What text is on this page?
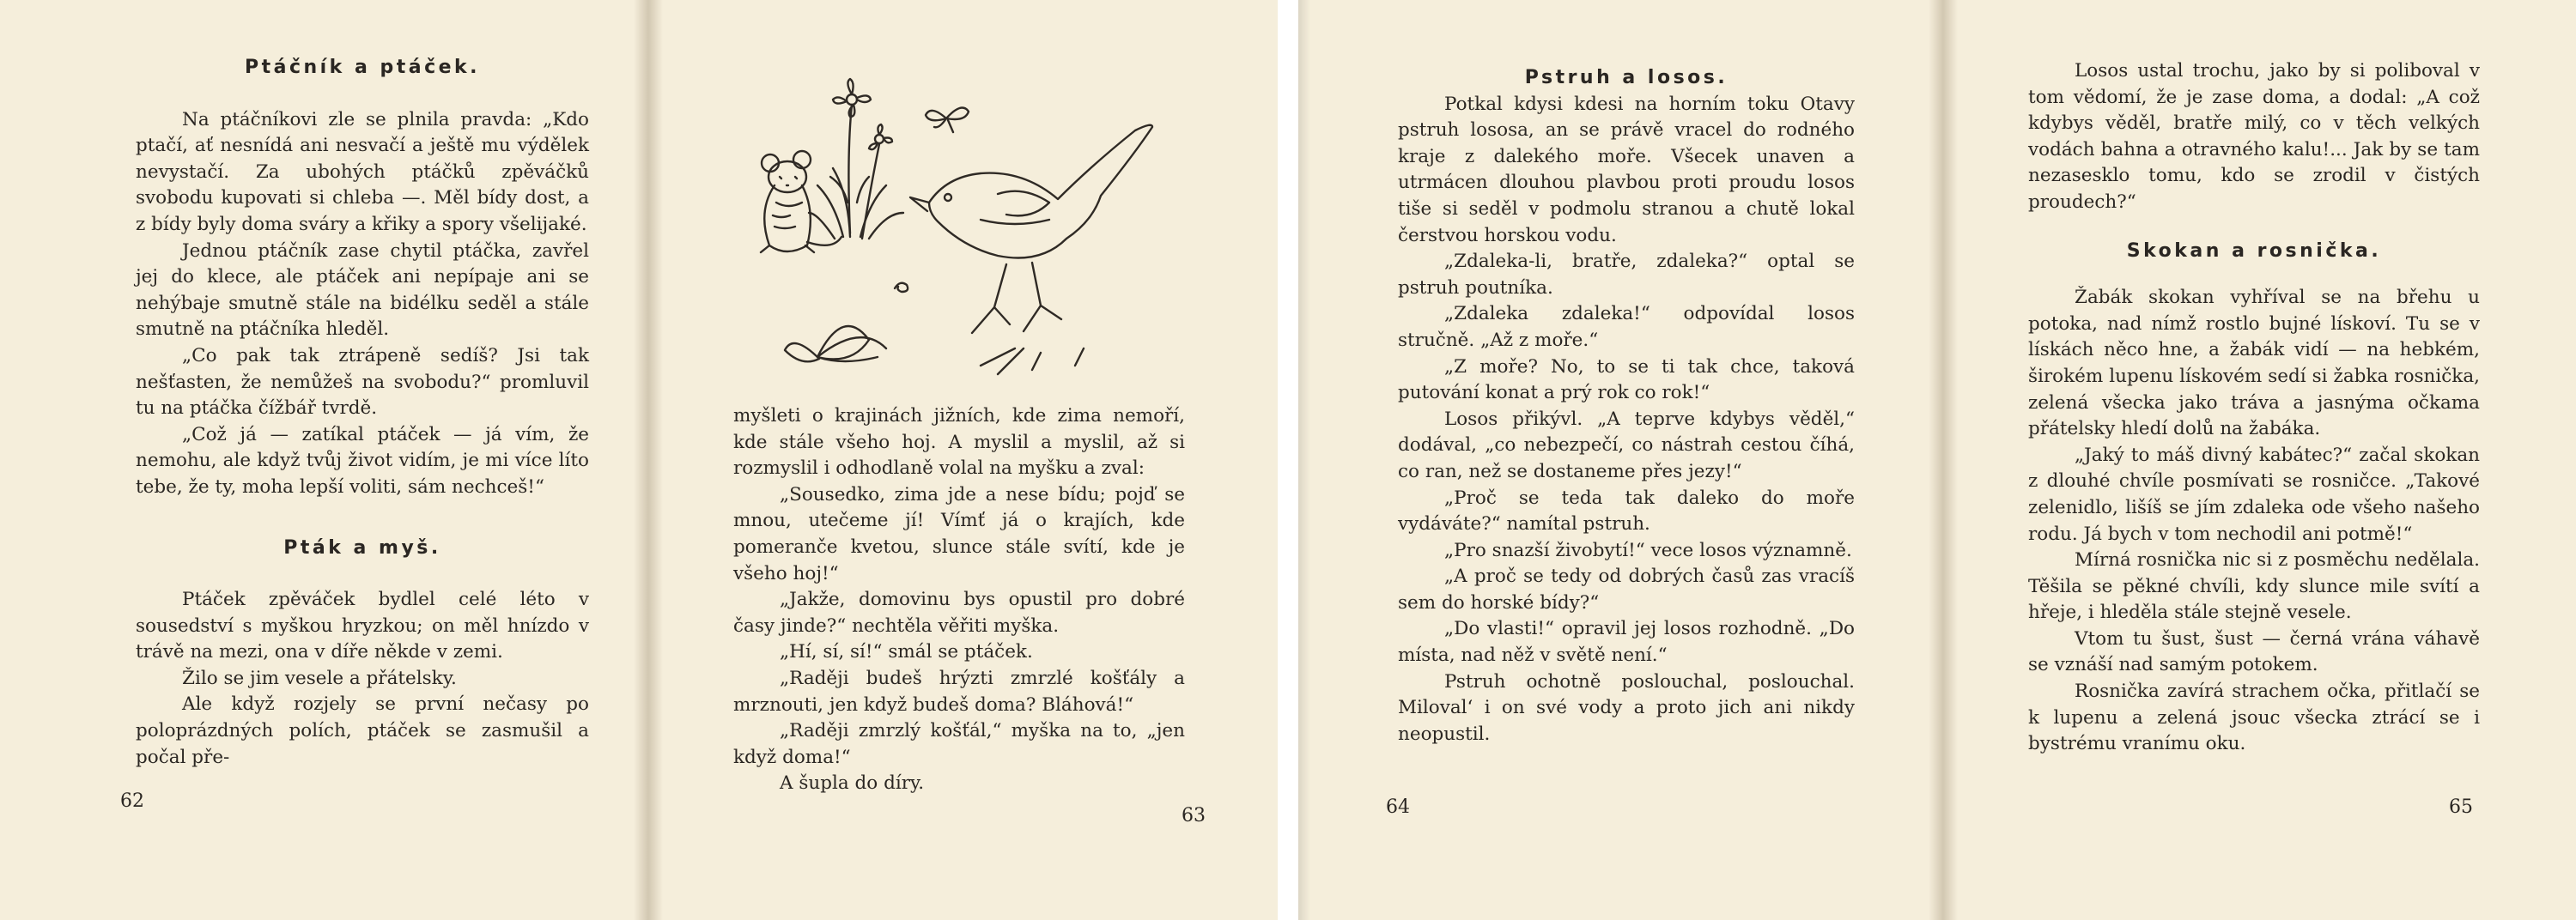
Ptáčník a ptáček.

Na ptáčníkovi zle se plnila pravda: „Kdo ptačí, ať nesnídá ani nesvačí a ještě mu výdělek nevystačí. Za ubohých ptáčků zpěváčků svobodu kupovati si chleba —. Měl bídy dost, a z bídy byly doma sváry a křiky a spory všelijaké.

Jednou ptáčník zase chytil ptáčka, zavřel jej do klece, ale ptáček ani nepípaje ani se nehýbaje smutně stále na bidélku seděl a stále smutně na ptáčníka hleděl.

„Co pak tak ztrápeně sedíš? Jsi tak nešťasten, že nemůžeš na svobodu?“ promluvil tu na ptáčka čížbář tvrdě.

„Což já — zatíkal ptáček — já vím, že nemohu, ale když tvůj život vidím, je mi více líto tebe, že ty, moha lepší voliti, sám nechceš!“

Pták a myš.

Ptáček zpěváček bydlel celé léto v sousedství s myškou hryzkou; on měl hnízdo v trávě na mezi, ona v díře někde v zemi.

Žilo se jim vesele a přátelsky.

Ale když rozjely se první nečasy po poloprázdných polích, ptáček se zasmušil a počal pře-

62

myšleti o krajinách jižních, kde zima nemoří, kde stále všeho hoj. A myslil a myslil, až si rozmyslil i odhodlaně volal na myšku a zval:

„Sousedko, zima jde a nese bídu; pojď se mnou, utečeme jí! Vímť já o krajích, kde pomeranče kvetou, slunce stále svítí, kde je všeho hoj!“

„Jakže, domovinu bys opustil pro dobré časy jinde?“ nechtěla věřiti myška.

„Hí, sí, sí!“ smál se ptáček.

„Raději budeš hrýzti zmrzlé košťály a mrznouti, jen když budeš doma? Bláhová!“

„Raději zmrzlý košťál,“ myška na to, „jen když doma!“

A šupla do díry.

63
Pstruh a losos.

Potkal kdysi kdesi na horním toku Otavy pstruh lososa, an se právě vracel do rodného kraje z dalekého moře. Všecek unaven a utrmácen dlouhou plavbou proti proudu losos tiše si seděl v podmolu stranou a chutě lokal čerstvou horskou vodu.

„Zdaleka-li, bratře, zdaleka?“ optal se pstruh poutníka.

„Zdaleka zdaleka!“ odpovídal losos stručně. „Až z moře.“

„Z moře? No, to se ti tak chce, taková putování konat a prý rok co rok!“

Losos přikývl. „A teprve kdybys věděl,“ dodával, „co nebezpečí, co nástrah cestou číhá, co ran, než se dostaneme přes jezy!“

„Proč se teda tak daleko do moře vydáváte?“ namítal pstruh.

„Pro snazší živobytí!“ vece losos významně.

„A proč se tedy od dobrých časů zas vracíš sem do horské bídy?“

„Do vlasti!“ opravil jej losos rozhodně. „Do místa, nad něž v světě není.“

Pstruh ochotně poslouchal, poslouchal. Miloval‘ i on své vody a proto jich ani nikdy neopustil.

64

Losos ustal trochu, jako by si poliboval v tom vědomí, že je zase doma, a dodal: „A což kdybys věděl, bratře milý, co v těch velkých vodách bahna a otravného kalu!... Jak by se tam nezasesklo tomu, kdo se zrodil v čistých proudech?“

Skokan a rosnička.

Žabák skokan vyhříval se na břehu u potoka, nad nímž rostlo bujné lískoví. Tu se v lískách něco hne, a žabák vidí — na hebkém, širokém lupenu lískovém sedí si žabka rosnička, zelená všecka jako tráva a jasnýma očkama přátelsky hledí dolů na žabáka.

„Jaký to máš divný kabátec?“ začal skokan z dlouhé chvíle posmívati se rosničce. „Takové zelenidlo, lišíš se jím zdaleka ode všeho našeho rodu. Já bych v tom nechodil ani potmě!“

Mírná rosnička nic si z posměchu nedělala. Těšila se pěkné chvíli, kdy slunce mile svítí a hřeje, i hleděla stále stejně vesele.

Vtom tu šust, šust — černá vrána váhavě se vznáší nad samým potokem.

Rosnička zavírá strachem očka, přitlačí se k lupenu a zelená jsouc všecka ztrácí se i bystrému vranímu oku.

65
